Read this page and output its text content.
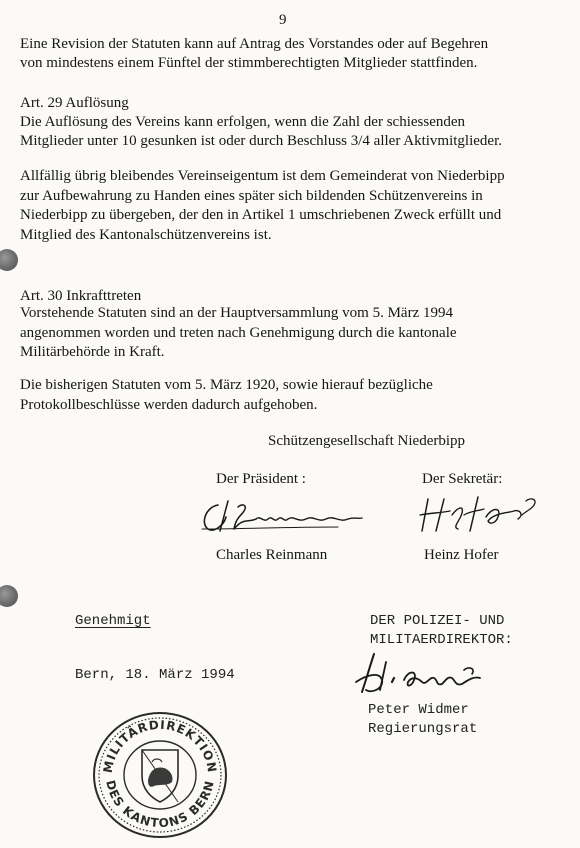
9
Eine Revision der Statuten kann auf Antrag des Vorstandes oder auf Begehren
von mindestens einem Fünftel der stimmberechtigten Mitglieder stattfinden.
Art. 29 Auflösung
Die Auflösung des Vereins kann erfolgen, wenn die Zahl der schiessenden
Mitglieder unter 10 gesunken ist oder durch Beschluss 3/4 aller Aktivmitglieder.
Allfällig übrig bleibendes Vereinseigentum ist dem Gemeinderat von Niederbipp
zur Aufbewahrung zu Handen eines später sich bildenden Schützenvereins in
Niederbipp zu übergeben, der den in Artikel 1 umschriebenen Zweck erfüllt und
Mitglied des Kantonalschützenvereins ist.
Art. 30 Inkrafttreten
Vorstehende Statuten sind an der Hauptversammlung vom 5. März 1994
angenommen worden und treten nach Genehmigung durch die kantonale
Militärbehörde in Kraft.
Die bisherigen Statuten vom 5. März 1920, sowie hierauf bezügliche
Protokollbeschlüsse werden dadurch aufgehoben.
Schützengesellschaft Niederbipp
Der Präsident :	Der Sekretär:
Charles Reinmann	Heinz Hofer
Genehmigt
Bern, 18. März 1994
DER POLIZEI- UND
MILITAERDIREKTOR:
Peter Widmer
Regierungsrat
MILITÄRDIREKTION
DES KANTONS BERN
